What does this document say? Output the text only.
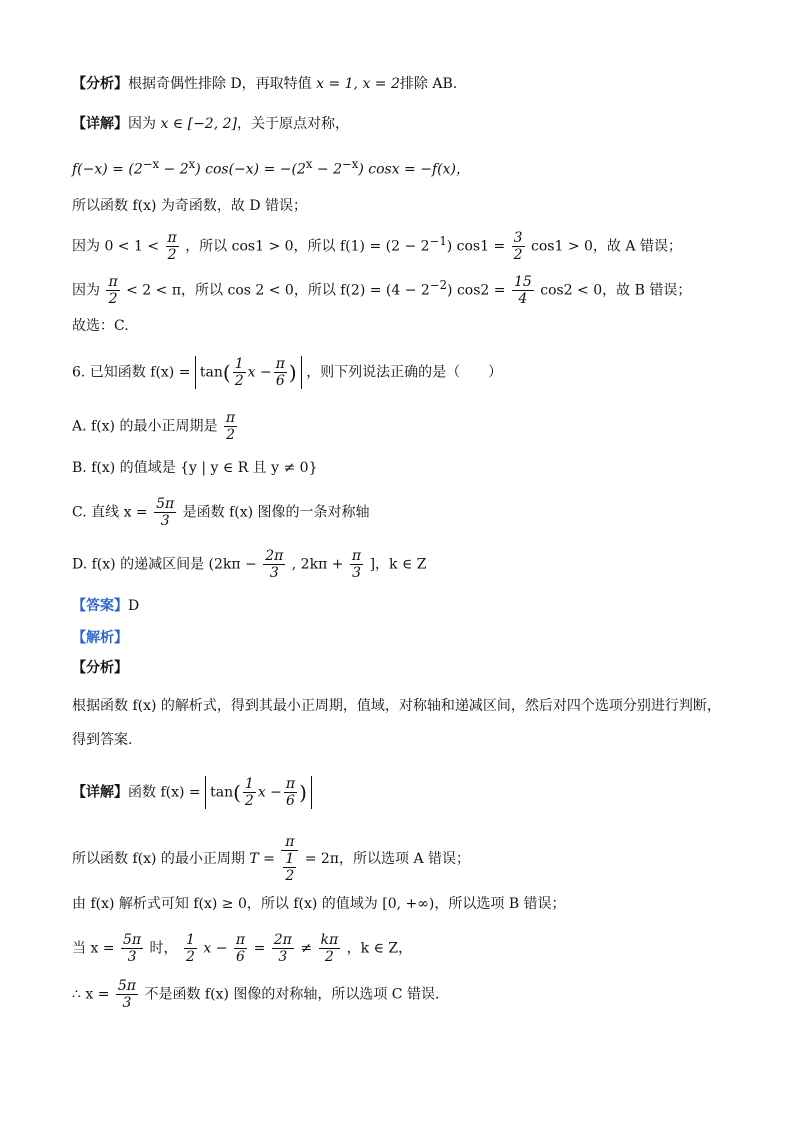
【分析】根据奇偶性排除 D，再取特值 x = 1, x = 2排除 AB.
【详解】因为 x ∈ [−2, 2]，关于原点对称，
$f(-x) = (2^{-x} - 2^x) \cos(-x) = -(2^x - 2^{-x}) \cos x = -f(x)$，
所以函数 f(x) 为奇函数，故 D 错误；
因为 $0 < 1 < \frac{\pi}{2}$ ，所以 cos1 > 0，所以 $f(1) = (2 - 2^{-1})$ $\cos 1 = \frac{3}{2} \cos 1 > 0$，故 A 错误；
因为 $\frac{\pi}{2} < 2 < \pi$，所以 cos 2 < 0，所以 $f(2) = (4 - 2^{-2})$ $\cos 2 = \frac{15}{4} \cos 2 < 0$，故 B 错误；
故选：C.
6. 已知函数 $f(x) = \tan( \frac{1}{2}$ $x - \frac{\pi}{6}$ ) ，则下列说法正确的是（　　）
A. f(x) 的最小正周期是 $\frac{\pi}{2}$
B. f(x) 的值域是 {y | y ∈ R 且 y ≠ 0}
C. 直线 $x = \frac{5\pi}{3}$ 是函数 f(x) 图像的一条对称轴
D. f(x) 的递减区间是 ($2k\pi - \frac{2\pi}{3}$ , $2k\pi + \frac{\pi}{3}$ ]，k ∈ Z
【答案】D
【解析】
【分析】
根据函数 f(x) 的解析式，得到其最小正周期，值域，对称轴和递减区间，然后对四个选项分别进行判断，
得到答案.
【详解】函数 $f(x) = \tan( \frac{1}{2}$ $x - \frac{\pi}{6}$ )
所以函数 f(x) 的最小正周期 $T = \frac{\pi}{\frac{1}{2}} = 2\pi$，所以选项 A 错误；
由 f(x) 解析式可知 f(x) ≥ 0，所以 f(x) 的值域为 [0, +∞)，所以选项 B 错误；
当 $x = \frac{5\pi}{3}$ 时， $\frac{1}{2}$ $x - \frac{\pi}{6} = \frac{2\pi}{3} \ne \frac{k\pi}{2}$ ，k ∈ Z，
∴ $x = \frac{5\pi}{3}$ 不是函数 f(x) 图像的对称轴，所以选项 C 错误.
